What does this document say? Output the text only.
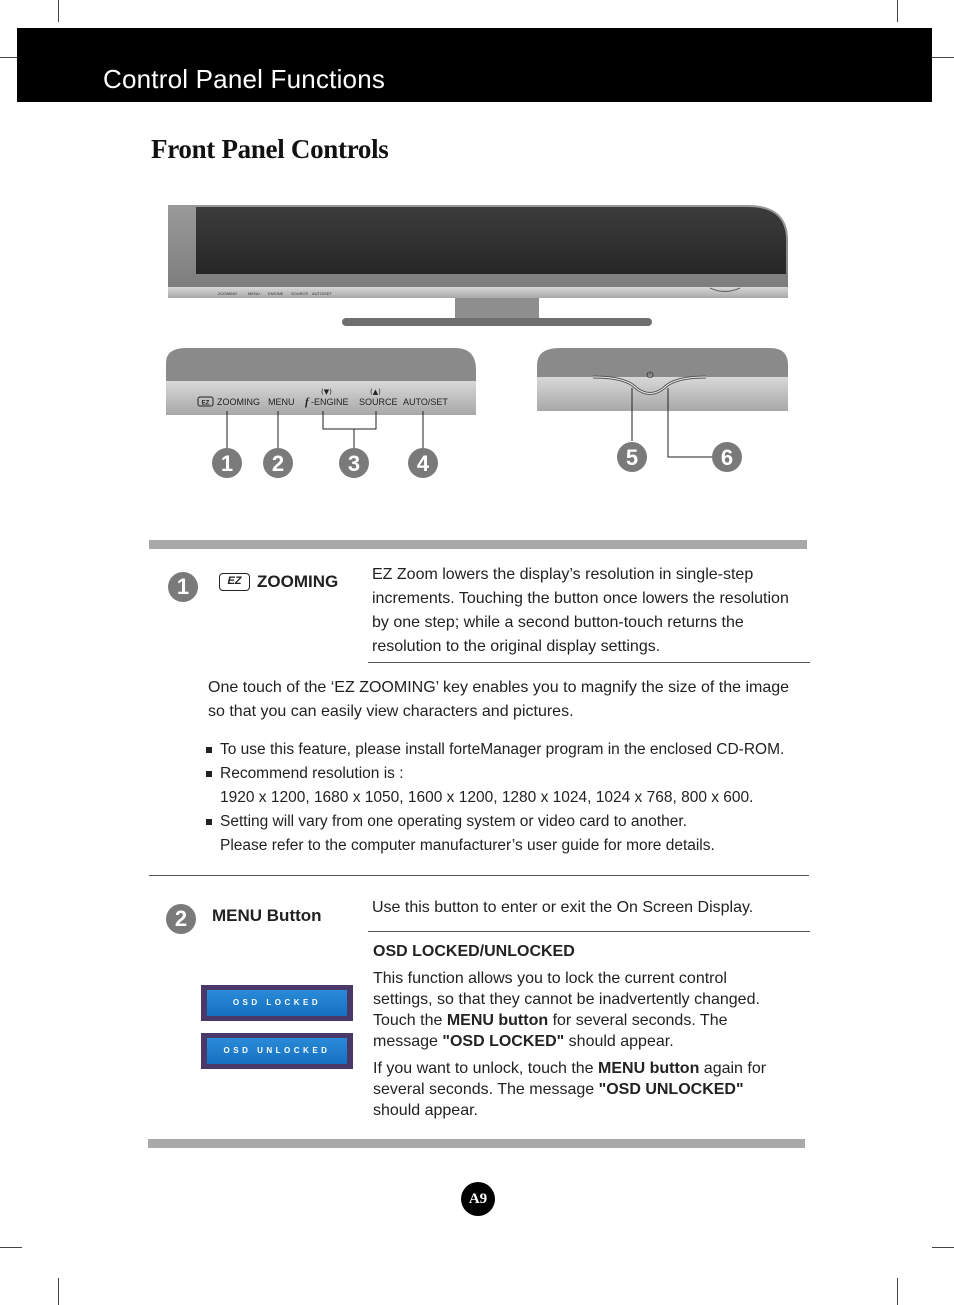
Control Panel Functions
Front Panel Controls
ZOOMING	MENU ENGINE SOURCE AUTO/SET
EZ ZOOMING MENU f -ENGINE SOURCE AUTO/SET
(▼)	(▲)
⏻
1 2	3	4	5	6
1	EZ ZOOMING EZ Zoom lowers the display’s resolution in single-step increments. Touching the button once lowers the resolution by one step; while a second button-touch returns the resolution to the original display settings.
One touch of the ‘EZ ZOOMING’ key enables you to magnify the size of the image
so that you can easily view characters and pictures.
To use this feature, please install forteManager program in the enclosed CD-ROM.
Recommend resolution is :
1920 x 1200, 1680 x 1050, 1600 x 1200, 1280 x 1024, 1024 x 768, 800 x 600.
Setting will vary from one operating system or video card to another.
Please refer to the computer manufacturer’s user guide for more details.
2	MENU Button	Use this button to enter or exit the On Screen Display.
OSD LOCKED/UNLOCKED
This function allows you to lock the current control settings, so that they cannot be inadvertently changed. Touch the MENU button for several seconds. The message "OSD LOCKED" should appear.
If you want to unlock, touch the MENU button again for several seconds. The message "OSD UNLOCKED" should appear.
OSD LOCKED
OSD UNLOCKED
A9
